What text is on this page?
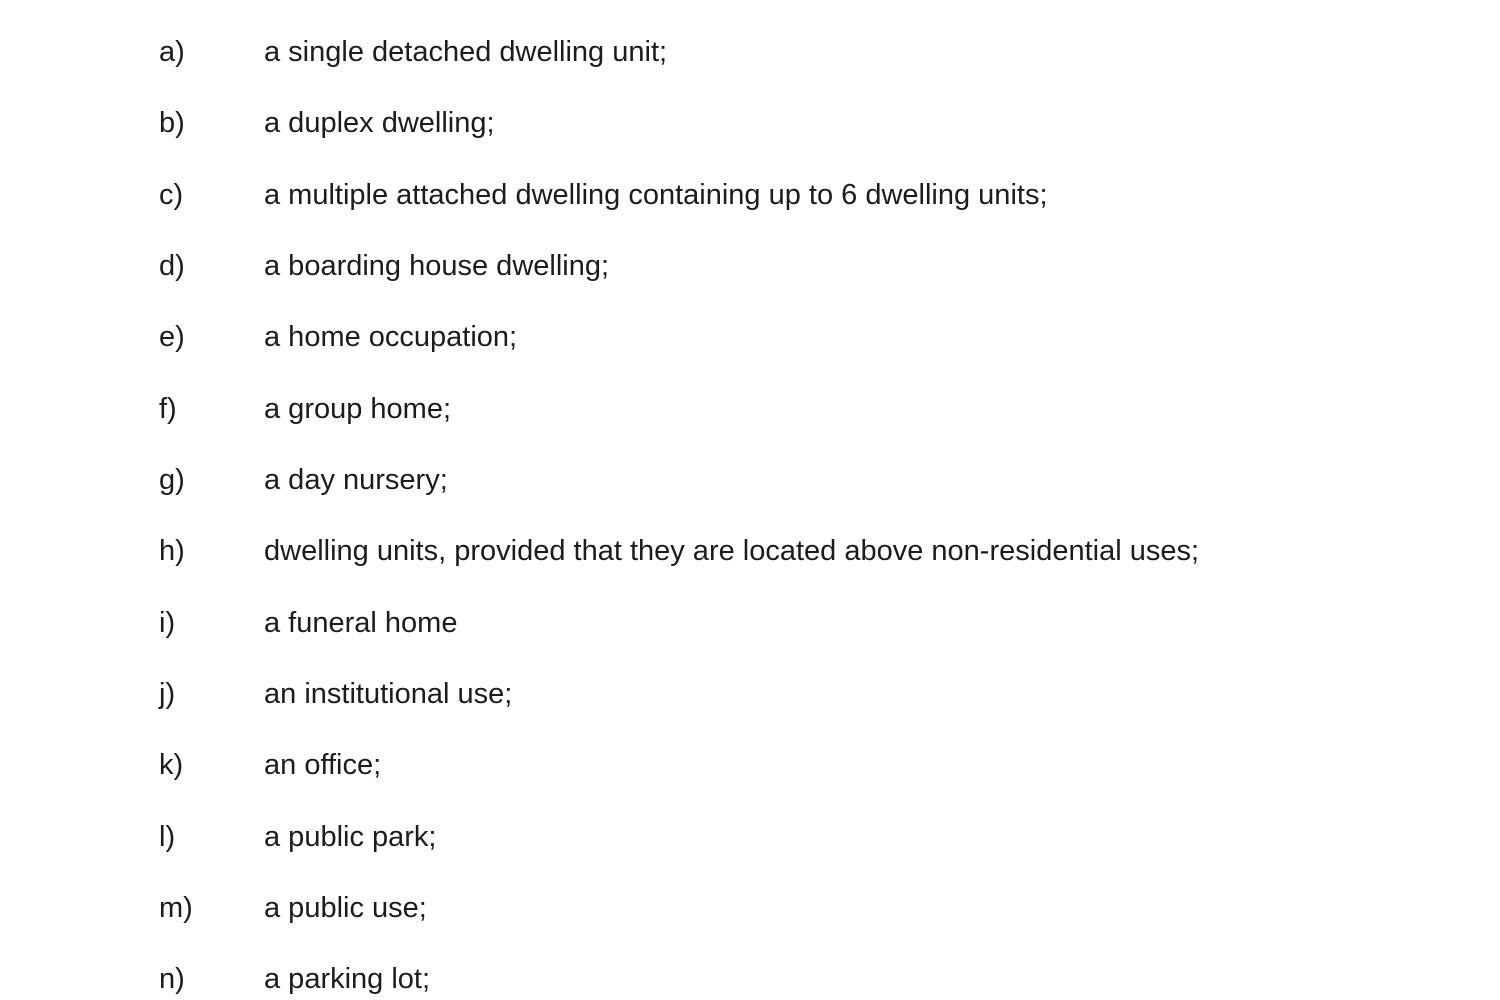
a)	a single detached dwelling unit;
b)	a duplex dwelling;
c)	a multiple attached dwelling containing up to 6 dwelling units;
d)	a boarding house dwelling;
e)	a home occupation;
f)	a group home;
g)	a day nursery;
h)	dwelling units, provided that they are located above non-residential uses;
i)	a funeral home
j)	an institutional use;
k)	an office;
l)	a public park;
m) a public use;
n)	a parking lot;
